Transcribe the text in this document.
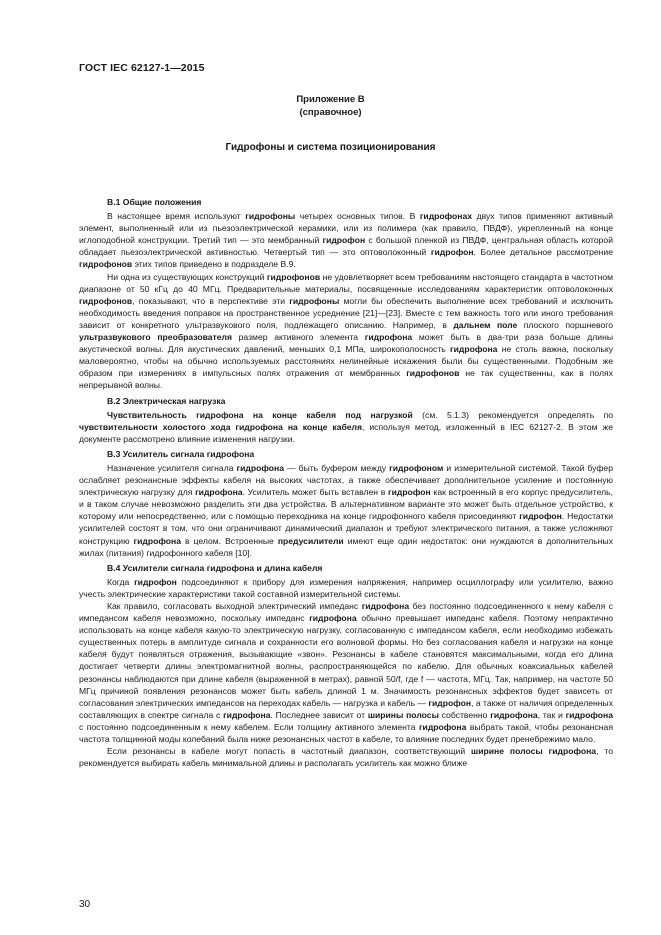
ГОСТ IEC 62127-1—2015
Приложение B
(справочное)
Гидрофоны и система позиционирования
B.1 Общие положения

В настоящее время используют гидрофоны четырех основных типов. В гидрофонах двух типов применяют активный элемент, выполненный или из пьезоэлектрической керамики, или из полимера (как правило, ПВДФ), укрепленный на конце иглоподобной конструкции. Третий тип — это мембранный гидрофон с большой пленкой из ПВДФ, центральная область которой обладает пьезоэлектрической активностью. Четвертый тип — это оптоволоконный гидрофон. Более детальное рассмотрение гидрофонов этих типов приведено в подразделе B.9.

Ни одна из существующих конструкций гидрофонов не удовлетворяет всем требованиям настоящего стандарта в частотном диапазоне от 50 кГц до 40 МГц. Предварительные материалы, посвященные исследованиям характеристик оптоволоконных гидрофонов, показывают, что в перспективе эти гидрофоны могли бы обеспечить выполнение всех требований и исключить необходимость введения поправок на пространственное усреднение [21]—[23]. Вместе с тем важность того или иного требования зависит от конкретного ультразвукового поля, подлежащего описанию. Например, в дальнем поле плоского поршневого ультразвукового преобразователя размер активного элемента гидрофона может быть в два-три раза больше длины акустической волны. Для акустических давлений, меньших 0,1 МПа, широкополосность гидрофона не столь важна, поскольку маловероятно, чтобы на обычно используемых расстояниях нелинейные искажения были бы существенными. Подобным же образом при измерениях в импульсных полях отражения от мембранных гидрофонов не так существенны, как в полях непрерывной волны.

B.2 Электрическая нагрузка

Чувствительность гидрофона на конце кабеля под нагрузкой (см. 5.1.3) рекомендуется определять по чувствительности холостого хода гидрофона на конце кабеля, используя метод, изложенный в IEC 62127-2. В этом же документе рассмотрено влияние изменения нагрузки.

B.3 Усилитель сигнала гидрофона

Назначение усилителя сигнала гидрофона — быть буфером между гидрофоном и измерительной системой. Такой буфер ослабляет резонансные эффекты кабеля на высоких частотах, а также обеспечивает дополнительное усиление и постоянную электрическую нагрузку для гидрофона. Усилитель может быть вставлен в гидрофон как встроенный в его корпус предусилитель, и в таком случае невозможно разделить эти два устройства. В альтернативном варианте это может быть отдельное устройство, к которому или непосредственно, или с помощью переходника на конце гидрофонного кабеля присоединяют гидрофон. Недостатки усилителей состоят в том, что они ограничивают динамический диапазон и требуют электрического питания, а также усложняют конструкцию гидрофона в целом. Встроенные предусилители имеют еще один недостаток: они нуждаются в дополнительных жилах (питания) гидрофонного кабеля [10].

B.4 Усилители сигнала гидрофона и длина кабеля

Когда гидрофон подсоединяют к прибору для измерения напряжения, например осциллографу или усилителю, важно учесть электрические характеристики такой составной измерительной системы.

Как правило, согласовать выходной электрический импеданс гидрофона без постоянно подсоединенного к нему кабеля с импедансом кабеля невозможно, поскольку импеданс гидрофона обычно превышает импеданс кабеля. Поэтому непрактично использовать на конце кабеля какую-то электрическую нагрузку, согласованную с импедансом кабеля, если необходимо избежать существенных потерь в амплитуде сигнала и сохранности его волновой формы. Но без согласования кабеля и нагрузки на конце кабеля будут появляться отражения, вызывающие «звон». Резонансы в кабеле становятся максимальными, когда его длина достигает четверти длины электромагнитной волны, распространяющейся по кабелю. Для обычных коаксиальных кабелей резонансы наблюдаются при длине кабеля (выраженной в метрах), равной 50/f, где f — частота, МГц. Так, например, на частоте 50 МГц причиной появления резонансов может быть кабель длиной 1 м. Значимость резонансных эффектов будет зависеть от согласования электрических импедансов на переходах кабель — нагрузка и кабель — гидрофон, а также от наличия определенных составляющих в спектре сигнала с гидрофона. Последнее зависит от ширины полосы собственно гидрофона, так и гидрофона с постоянно подсоединенным к нему кабелем. Если толщину активного элемента гидрофона выбрать такой, чтобы резонансная частота толщинной моды колебаний была ниже резонансных частот в кабеле, то влияние последних будет пренебрежимо мало.

Если резонансы в кабеле могут попасть в частотный диапазон, соответствующий ширине полосы гидрофона, то рекомендуется выбирать кабель минимальной длины и располагать усилитель как можно ближе

30
